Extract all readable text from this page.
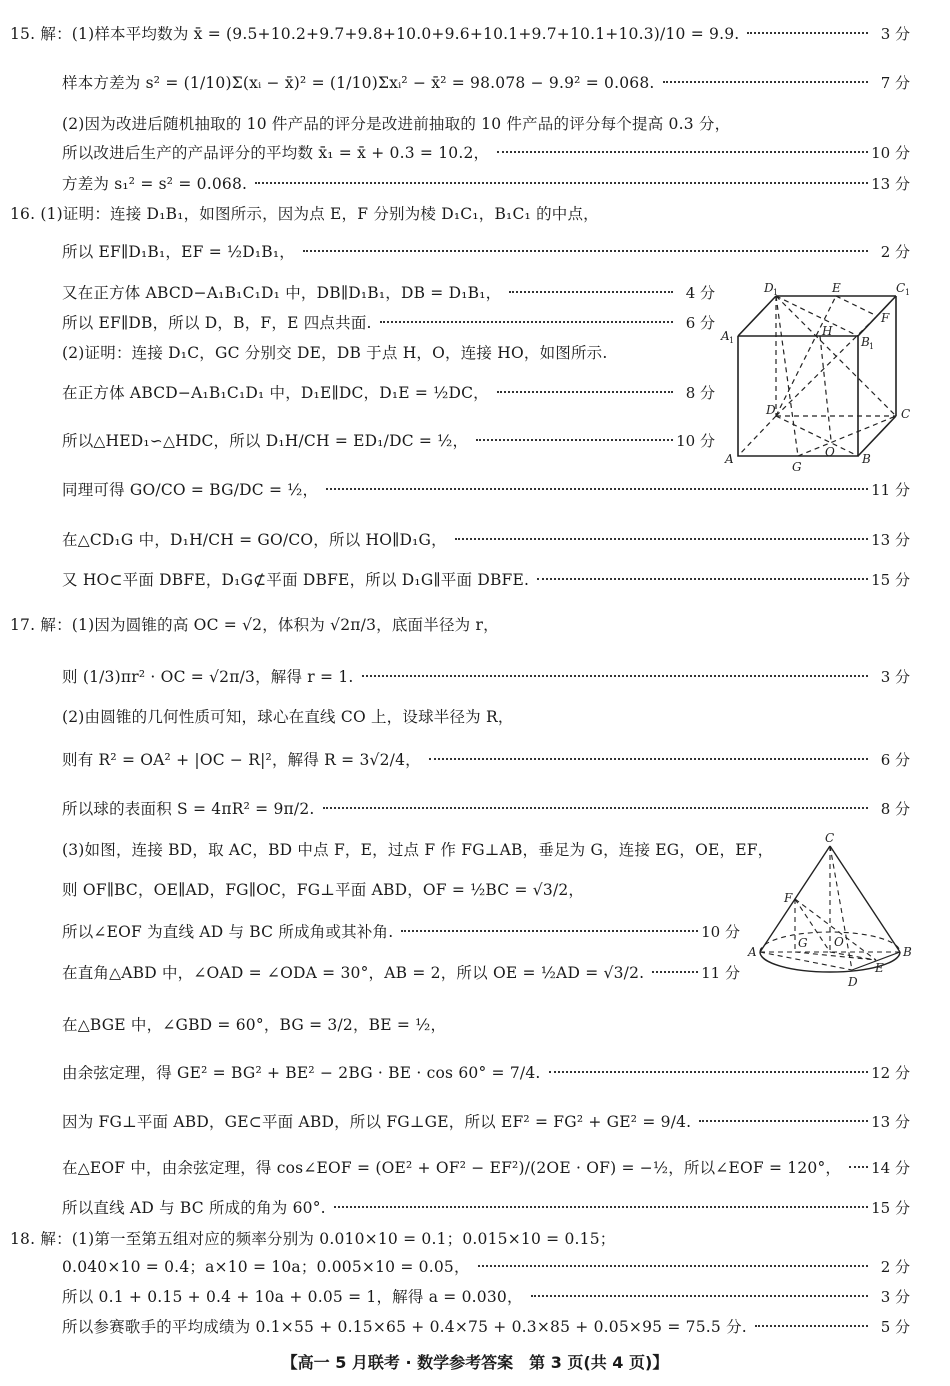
D 1	E	C 1
A 1
F
H
B 1
D	C
A
G
O B
C
F
A
G O
B
E
D
【高一 5 月联考 · 数学参考答案　第 3 页(共 4 页)】
15. 解：(1)样本平均数为 x̄ = (9.5+10.2+9.7+9.8+10.0+9.6+10.1+9.7+10.1+10.3)/10 = 9.9.	3 分
样本方差为 s² = (1/10)Σ(xᵢ − x̄)² = (1/10)Σxᵢ² − x̄² = 98.078 − 9.9² = 0.068.	7 分
(2)因为改进后随机抽取的 10 件产品的评分是改进前抽取的 10 件产品的评分每个提高 0.3 分，
所以改进后生产的产品评分的平均数 x̄₁ = x̄ + 0.3 = 10.2，	10 分
方差为 s₁² = s² = 0.068.	13 分
16. (1)证明：连接 D₁B₁，如图所示，因为点 E，F 分别为棱 D₁C₁，B₁C₁ 的中点，
所以 EF∥D₁B₁，EF = ½D₁B₁，	2 分
又在正方体 ABCD−A₁B₁C₁D₁ 中，DB∥D₁B₁，DB = D₁B₁，	4 分
所以 EF∥DB，所以 D，B，F，E 四点共面.	6 分
(2)证明：连接 D₁C，GC 分别交 DE，DB 于点 H，O，连接 HO，如图所示.
在正方体 ABCD−A₁B₁C₁D₁ 中，D₁E∥DC，D₁E = ½DC，	8 分
所以△HED₁∽△HDC，所以 D₁H/CH = ED₁/DC = ½，	10 分
同理可得 GO/CO = BG/DC = ½，	11 分
在△CD₁G 中，D₁H/CH = GO/CO，所以 HO∥D₁G，	13 分
又 HO⊂平面 DBFE，D₁G⊄平面 DBFE，所以 D₁G∥平面 DBFE.	15 分
17. 解：(1)因为圆锥的高 OC = √2，体积为 √2π/3，底面半径为 r，
则 (1/3)πr² · OC = √2π/3，解得 r = 1.	3 分
(2)由圆锥的几何性质可知，球心在直线 CO 上，设球半径为 R，
则有 R² = OA² + |OC − R|²，解得 R = 3√2/4，	6 分
所以球的表面积 S = 4πR² = 9π/2.	8 分
(3)如图，连接 BD，取 AC，BD 中点 F，E，过点 F 作 FG⊥AB，垂足为 G，连接 EG，OE，EF，
则 OF∥BC，OE∥AD，FG∥OC，FG⊥平面 ABD，OF = ½BC = √3/2，
所以∠EOF 为直线 AD 与 BC 所成角或其补角.	10 分
在直角△ABD 中，∠OAD = ∠ODA = 30°，AB = 2，所以 OE = ½AD = √3/2.	11 分
在△BGE 中，∠GBD = 60°，BG = 3/2，BE = ½，
由余弦定理，得 GE² = BG² + BE² − 2BG · BE · cos 60° = 7/4.	12 分
因为 FG⊥平面 ABD，GE⊂平面 ABD，所以 FG⊥GE，所以 EF² = FG² + GE² = 9/4.	13 分
在△EOF 中，由余弦定理，得 cos∠EOF = (OE² + OF² − EF²)/(2OE · OF) = −½，所以∠EOF = 120°，	14 分
所以直线 AD 与 BC 所成的角为 60°.	15 分
18. 解：(1)第一至第五组对应的频率分别为 0.010×10 = 0.1；0.015×10 = 0.15；
0.040×10 = 0.4；a×10 = 10a；0.005×10 = 0.05，	2 分
所以 0.1 + 0.15 + 0.4 + 10a + 0.05 = 1，解得 a = 0.030，	3 分
所以参赛歌手的平均成绩为 0.1×55 + 0.15×65 + 0.4×75 + 0.3×85 + 0.05×95 = 75.5 分.	5 分
